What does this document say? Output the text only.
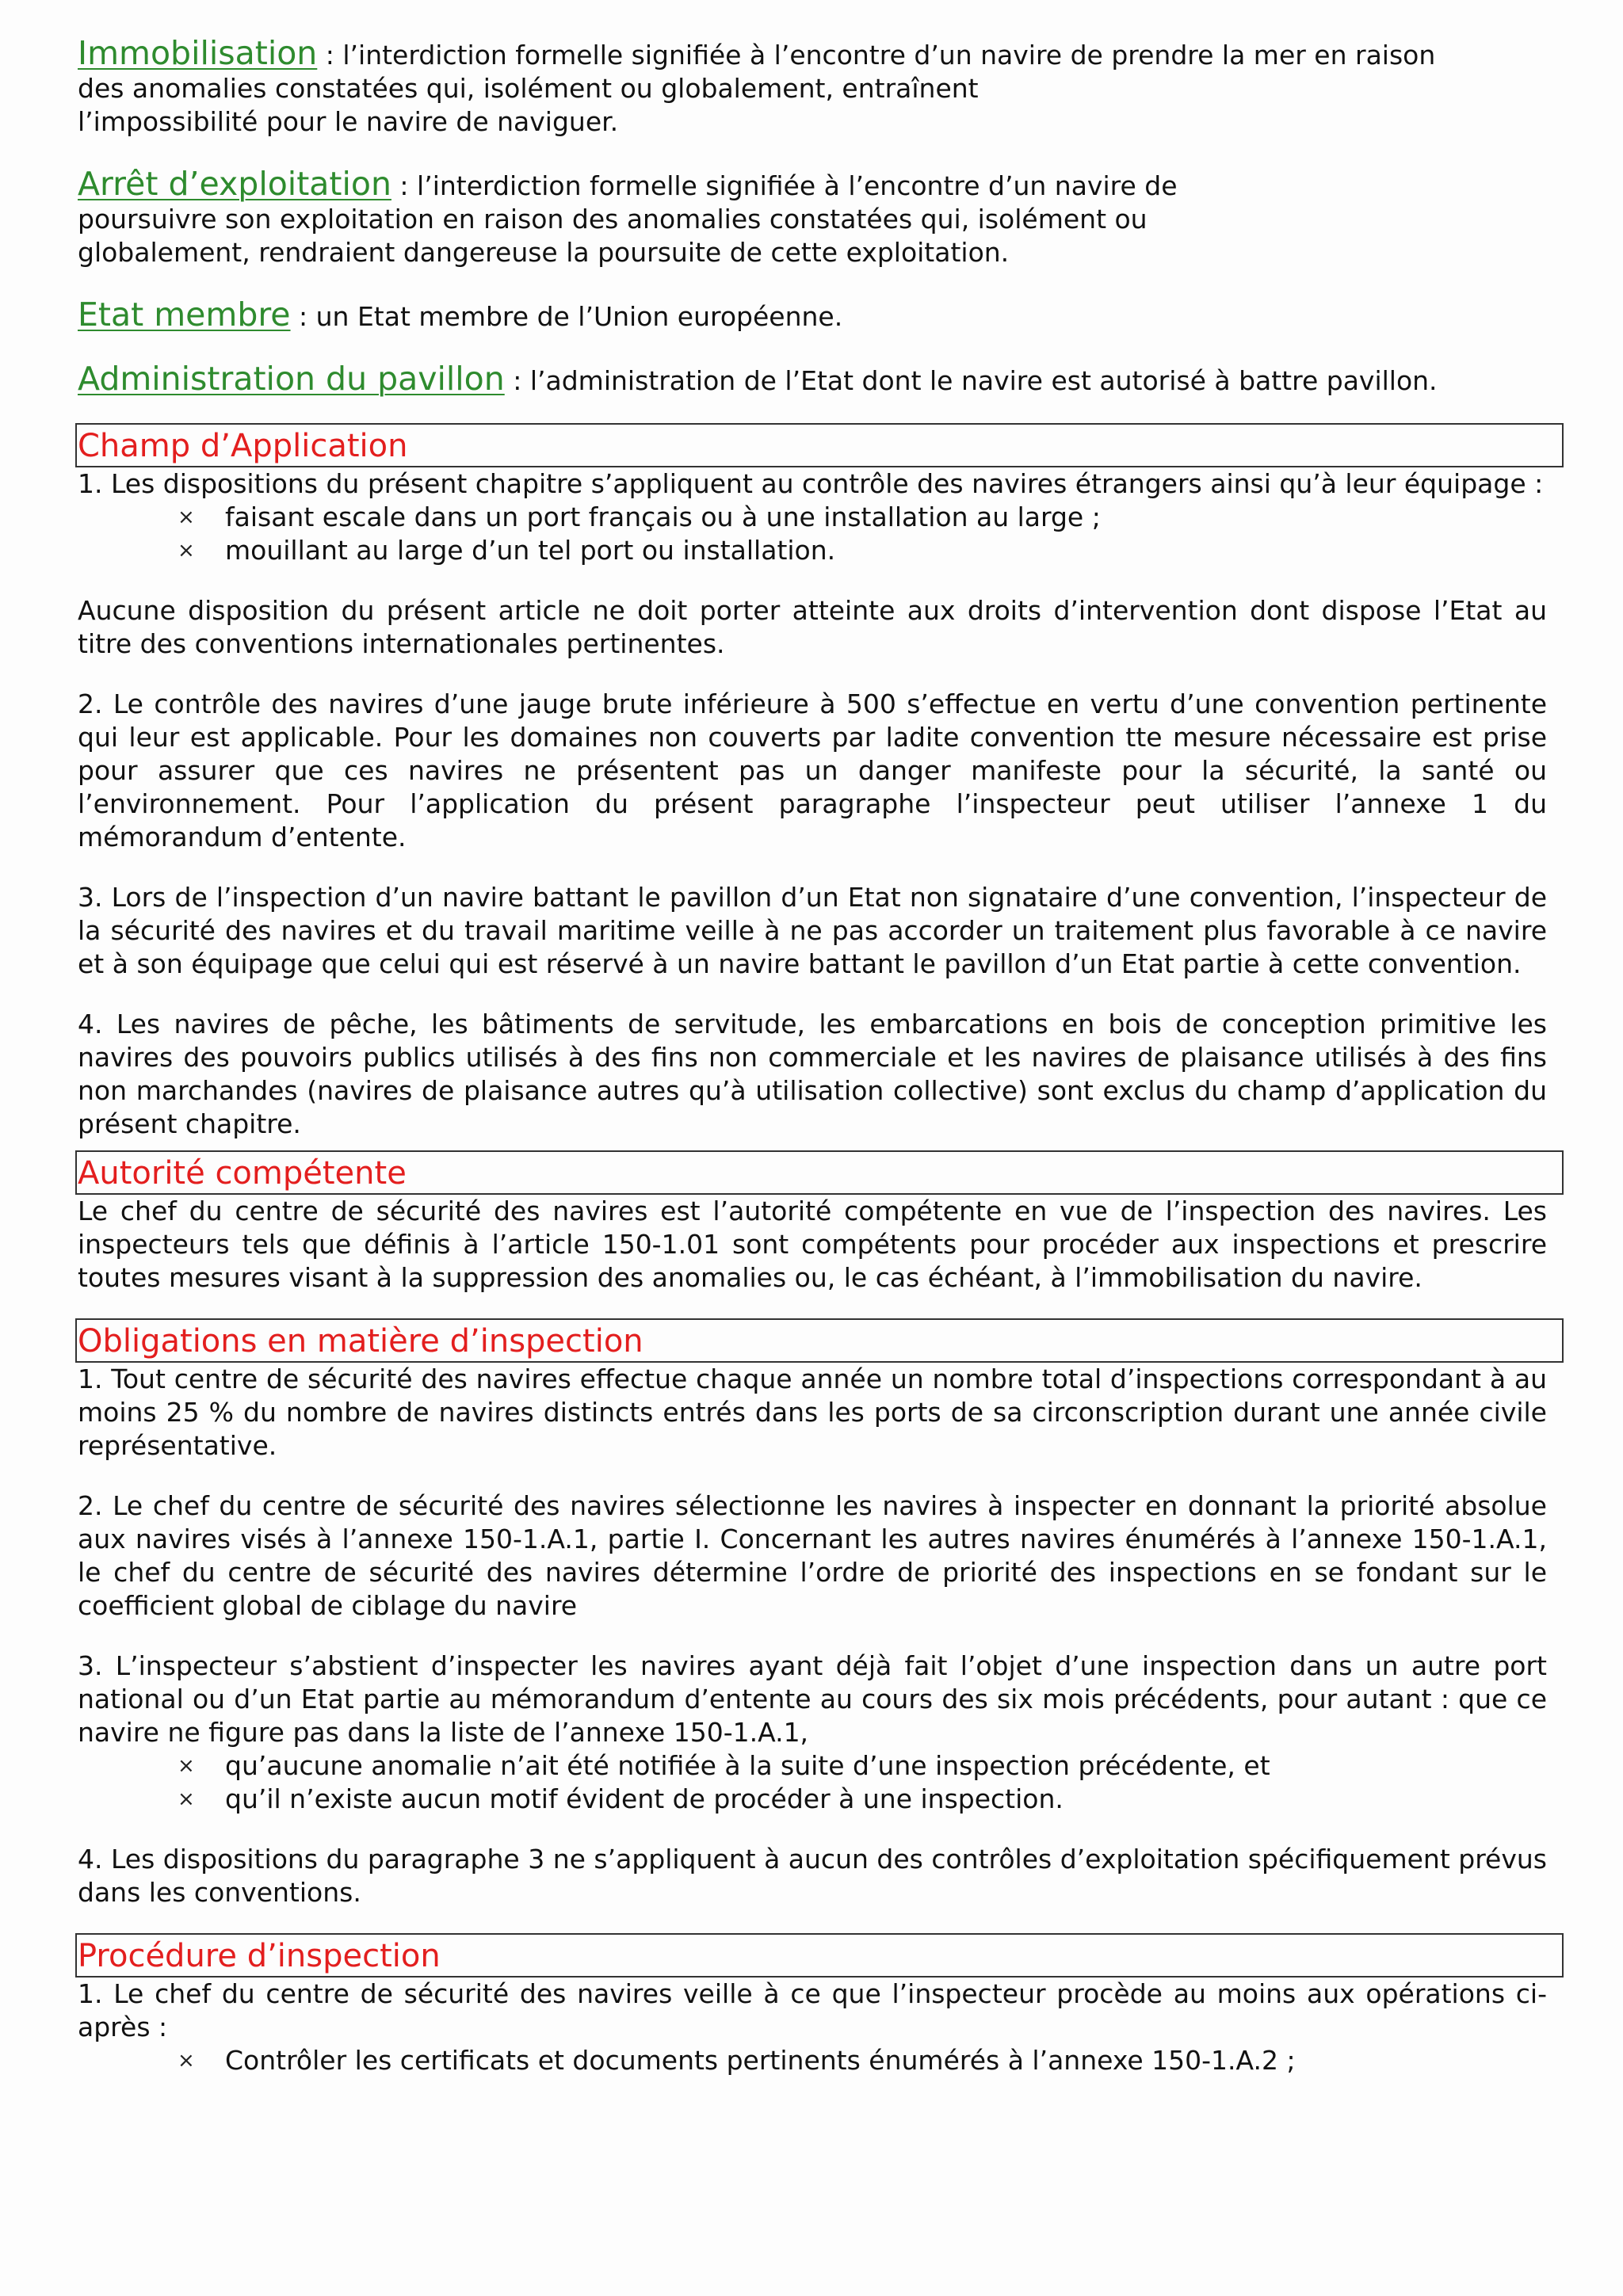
Immobilisation : l’interdiction formelle signifiée à l’encontre d’un navire de prendre la mer en raison
des anomalies constatées qui, isolément ou globalement, entraînent
l’impossibilité pour le navire de naviguer.

Arrêt d’exploitation : l’interdiction formelle signifiée à l’encontre d’un navire de
poursuivre son exploitation en raison des anomalies constatées qui, isolément ou
globalement, rendraient dangereuse la poursuite de cette exploitation.

Etat membre : un Etat membre de l’Union européenne.

Administration du pavillon : l’administration de l’Etat dont le navire est autorisé à battre pavillon.

Champ d’Application

1. Les dispositions du présent chapitre s’appliquent au contrôle des navires étrangers ainsi qu’à leur équipage :

× faisant escale dans un port français ou à une installation au large ;
× mouillant au large d’un tel port ou installation.

Aucune disposition du présent article ne doit porter atteinte aux droits d’intervention dont dispose l’Etat au titre des conventions internationales pertinentes.

2. Le contrôle des navires d’une jauge brute inférieure à 500 s’effectue en vertu d’une convention pertinente qui leur est applicable. Pour les domaines non couverts par ladite convention tte mesure nécessaire est prise pour assurer que ces navires ne présentent pas un danger manifeste pour la sécurité, la santé ou l’environnement. Pour l’application du présent paragraphe l’inspecteur peut utiliser l’annexe 1 du mémorandum d’entente.

3. Lors de l’inspection d’un navire battant le pavillon d’un Etat non signataire d’une convention, l’inspecteur de la sécurité des navires et du travail maritime veille à ne pas accorder un traitement plus favorable à ce navire et à son équipage que celui qui est réservé à un navire battant le pavillon d’un Etat partie à cette convention.

4. Les navires de pêche, les bâtiments de servitude, les embarcations en bois de conception primitive les navires des pouvoirs publics utilisés à des fins non commerciale et les navires de plaisance utilisés à des fins non marchandes (navires de plaisance autres qu’à utilisation collective) sont exclus du champ d’application du présent chapitre.

Autorité compétente

Le chef du centre de sécurité des navires est l’autorité compétente en vue de l’inspection des navires. Les inspecteurs tels que définis à l’article 150-1.01 sont compétents pour procéder aux inspections et prescrire toutes mesures visant à la suppression des anomalies ou, le cas échéant, à l’immobilisation du navire.

Obligations en matière d’inspection

1. Tout centre de sécurité des navires effectue chaque année un nombre total d’inspections correspondant à au moins 25 % du nombre de navires distincts entrés dans les ports de sa circonscription durant une année civile représentative.

2. Le chef du centre de sécurité des navires sélectionne les navires à inspecter en donnant la priorité absolue aux navires visés à l’annexe 150-1.A.1, partie I. Concernant les autres navires énumérés à l’annexe 150-1.A.1, le chef du centre de sécurité des navires détermine l’ordre de priorité des inspections en se fondant sur le coefficient global de ciblage du navire

3. L’inspecteur s’abstient d’inspecter les navires ayant déjà fait l’objet d’une inspection dans un autre port national ou d’un Etat partie au mémorandum d’entente au cours des six mois précédents, pour autant : que ce navire ne figure pas dans la liste de l’annexe 150-1.A.1,

× qu’aucune anomalie n’ait été notifiée à la suite d’une inspection précédente, et
× qu’il n’existe aucun motif évident de procéder à une inspection.

4. Les dispositions du paragraphe 3 ne s’appliquent à aucun des contrôles d’exploitation spécifiquement prévus dans les conventions.

Procédure d’inspection

1. Le chef du centre de sécurité des navires veille à ce que l’inspecteur procède au moins aux opérations ci-après :

× Contrôler les certificats et documents pertinents énumérés à l’annexe 150-1.A.2 ;
